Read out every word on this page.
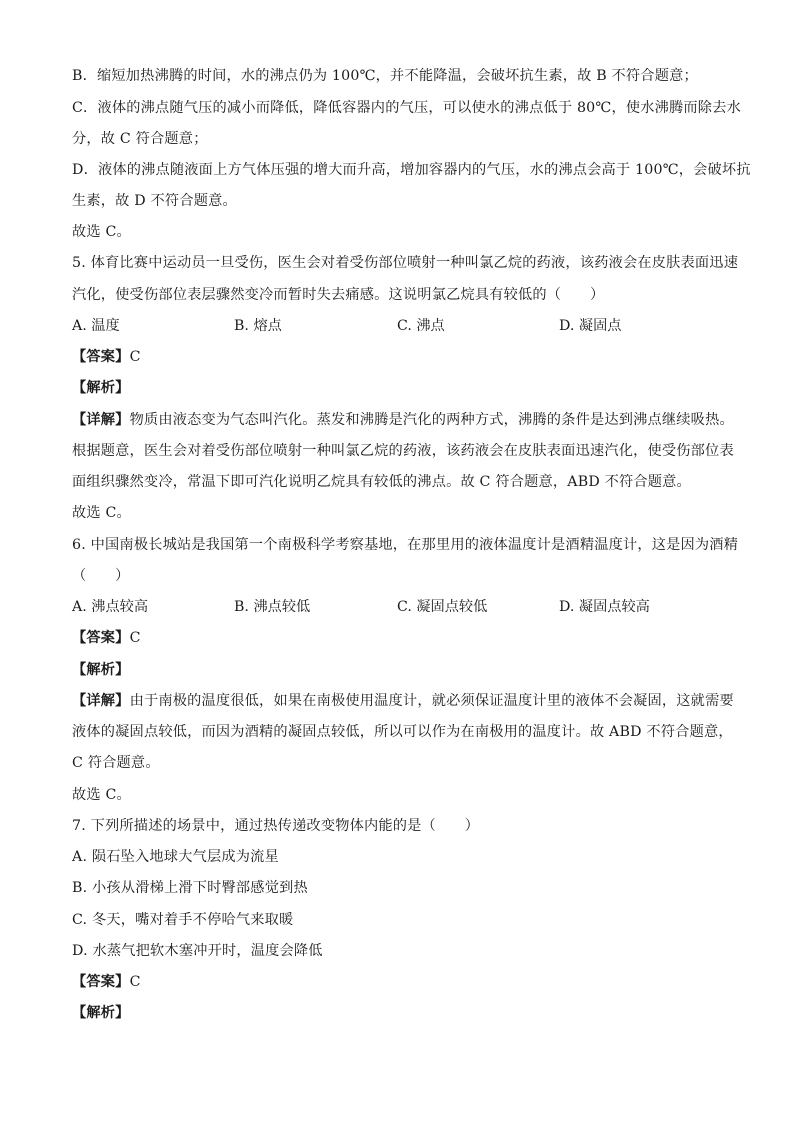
B．缩短加热沸腾的时间，水的沸点仍为 100℃，并不能降温，会破坏抗生素，故 B 不符合题意；
C．液体的沸点随气压的减小而降低，降低容器内的气压，可以使水的沸点低于 80℃，使水沸腾而除去水
分，故 C 符合题意；
D．液体的沸点随液面上方气体压强的增大而升高，增加容器内的气压，水的沸点会高于 100℃，会破坏抗
生素，故 D 不符合题意。
故选 C。
5. 体育比赛中运动员一旦受伤，医生会对着受伤部位喷射一种叫氯乙烷的药液，该药液会在皮肤表面迅速
汽化，使受伤部位表层骤然变冷而暂时失去痛感。这说明氯乙烷具有较低的（　　）
A. 温度	B. 熔点	C. 沸点	D. 凝固点
【答案】C
【解析】
【详解】物质由液态变为气态叫汽化。蒸发和沸腾是汽化的两种方式，沸腾的条件是达到沸点继续吸热。
根据题意，医生会对着受伤部位喷射一种叫氯乙烷的药液，该药液会在皮肤表面迅速汽化，使受伤部位表
面组织骤然变冷，常温下即可汽化说明乙烷具有较低的沸点。故 C 符合题意，ABD 不符合题意。
故选 C。
6. 中国南极长城站是我国第一个南极科学考察基地，在那里用的液体温度计是酒精温度计，这是因为酒精
（　　）
A. 沸点较高	B. 沸点较低	C. 凝固点较低	D. 凝固点较高
【答案】C
【解析】
【详解】由于南极的温度很低，如果在南极使用温度计，就必须保证温度计里的液体不会凝固，这就需要
液体的凝固点较低，而因为酒精的凝固点较低，所以可以作为在南极用的温度计。故 ABD 不符合题意，
C 符合题意。
故选 C。
7. 下列所描述的场景中，通过热传递改变物体内能的是（　　）
A. 陨石坠入地球大气层成为流星
B. 小孩从滑梯上滑下时臀部感觉到热
C. 冬天，嘴对着手不停哈气来取暖
D. 水蒸气把软木塞冲开时，温度会降低
【答案】C
【解析】
